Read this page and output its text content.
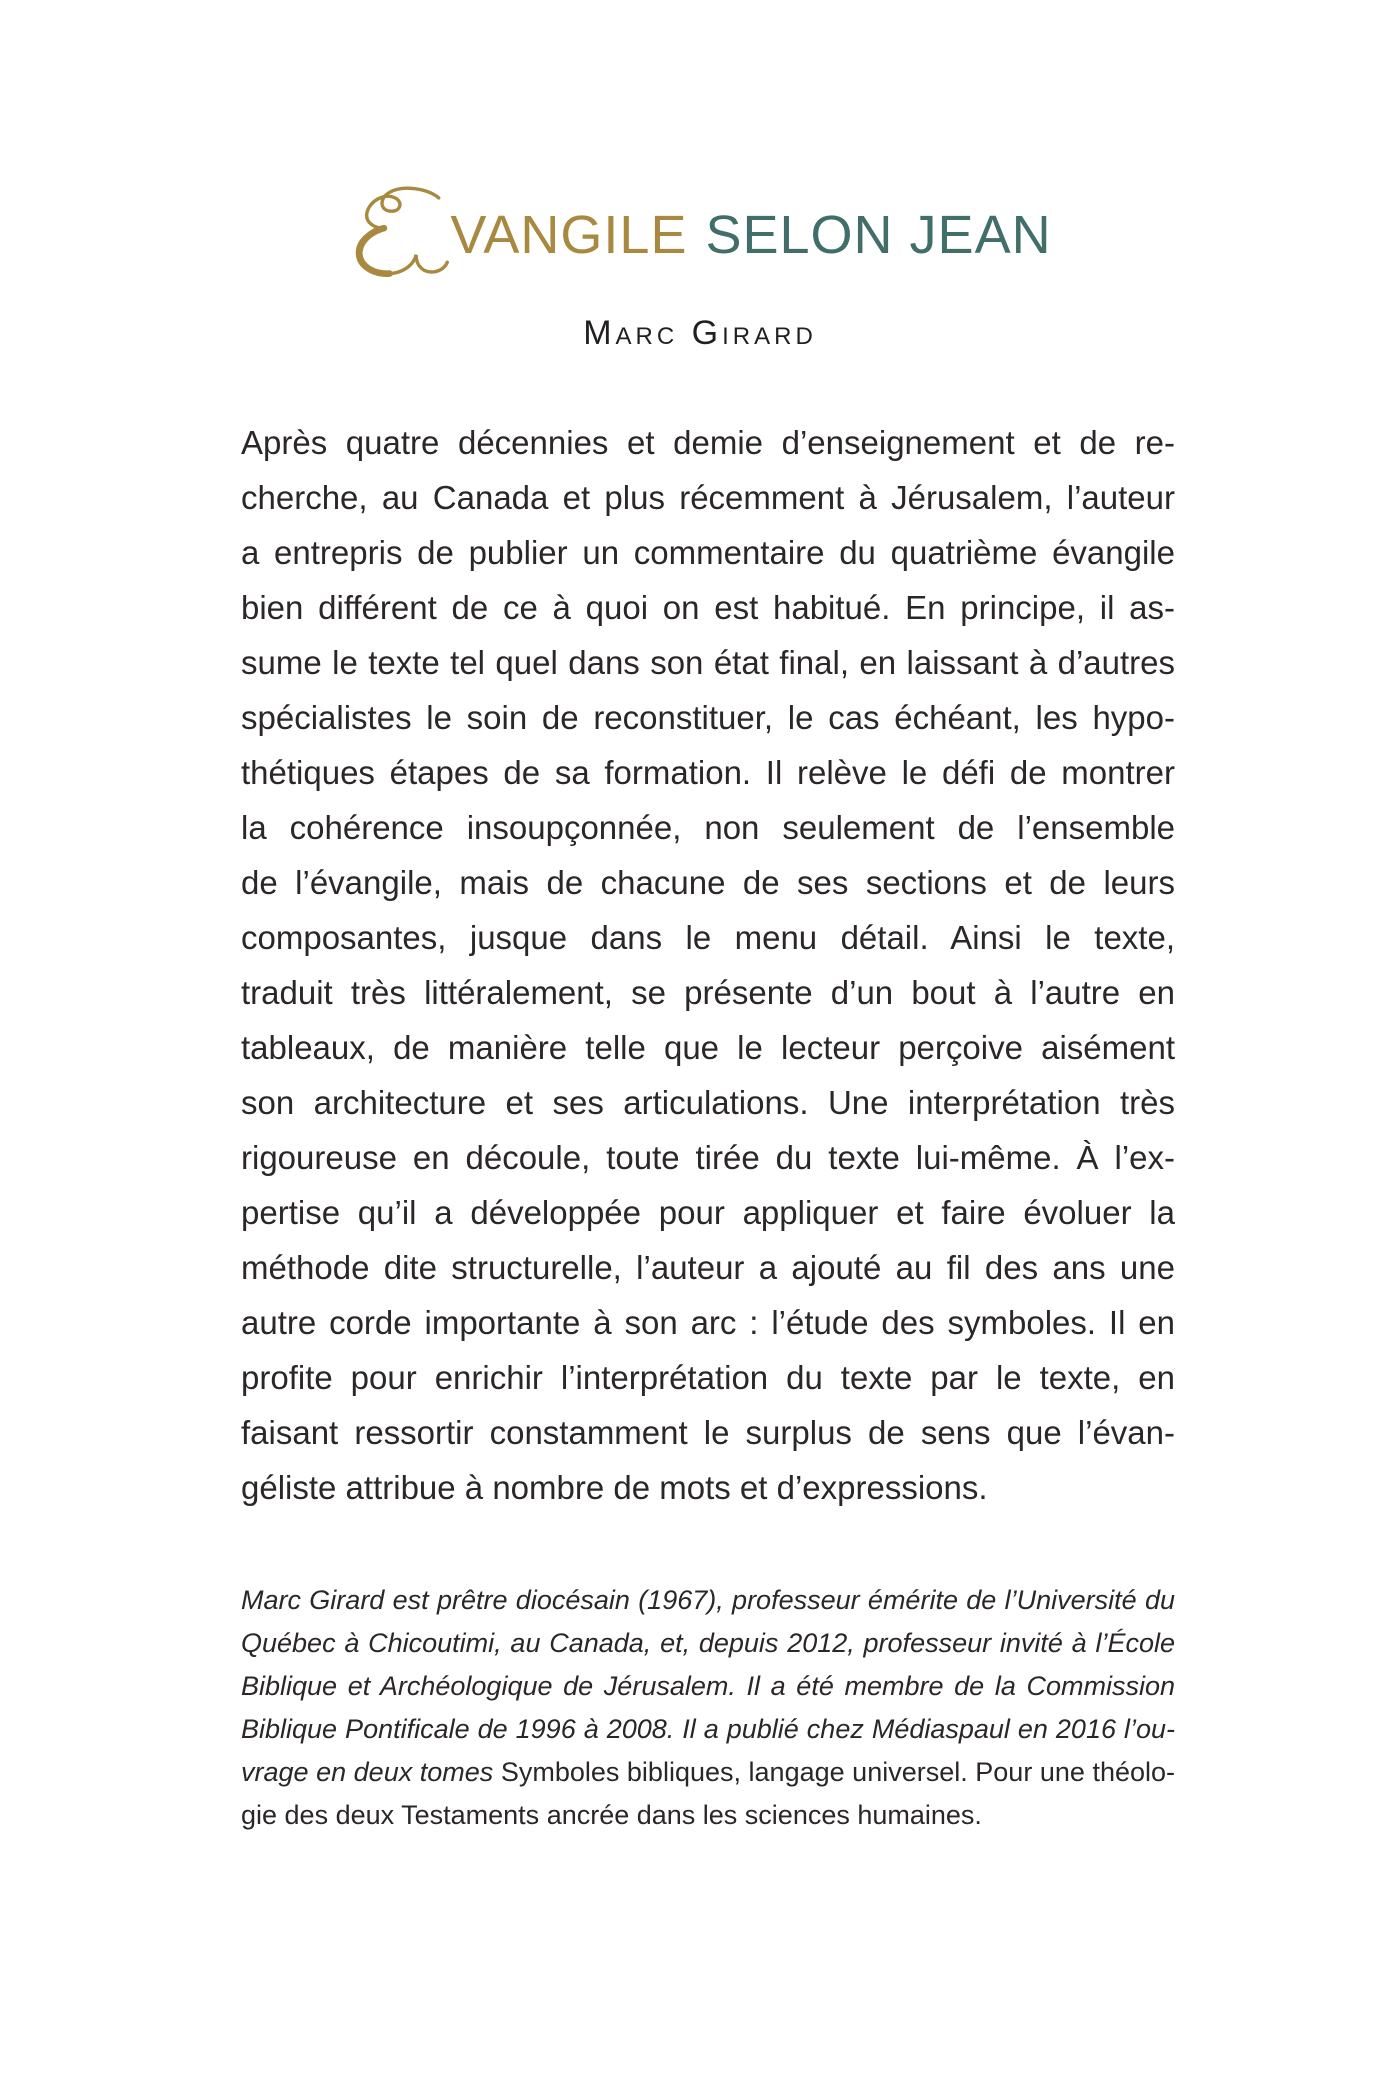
VANGILE SELON JEAN
Marc Girard
Après quatre décennies et demie d’enseignement et de re-
cherche, au Canada et plus récemment à Jérusalem, l’auteur
a entrepris de publier un commentaire du quatrième évangile
bien différent de ce à quoi on est habitué. En principe, il as-
sume le texte tel quel dans son état final, en laissant à d’autres
spécialistes le soin de reconstituer, le cas échéant, les hypo-
thétiques étapes de sa formation. Il relève le défi de montrer
la cohérence insoupçonnée, non seulement de l’ensemble
de l’évangile, mais de chacune de ses sections et de leurs
composantes, jusque dans le menu détail. Ainsi le texte,
traduit très littéralement, se présente d’un bout à l’autre en
tableaux, de manière telle que le lecteur perçoive aisément
son architecture et ses articulations. Une interprétation très
rigoureuse en découle, toute tirée du texte lui-même. À l’ex-
pertise qu’il a développée pour appliquer et faire évoluer la
méthode dite structurelle, l’auteur a ajouté au fil des ans une
autre corde importante à son arc : l’étude des symboles. Il en
profite pour enrichir l’interprétation du texte par le texte, en
faisant ressortir constamment le surplus de sens que l’évan-
géliste attribue à nombre de mots et d’expressions.
Marc Girard est prêtre diocésain (1967), professeur émérite de l’Université du
Québec à Chicoutimi, au Canada, et, depuis 2012, professeur invité à l’École
Biblique et Archéologique de Jérusalem. Il a été membre de la Commission
Biblique Pontificale de 1996 à 2008. Il a publié chez Médiaspaul en 2016 l’ou-
vrage en deux tomes Symboles bibliques, langage universel. Pour une théolo-
gie des deux Testaments ancrée dans les sciences humaines.
